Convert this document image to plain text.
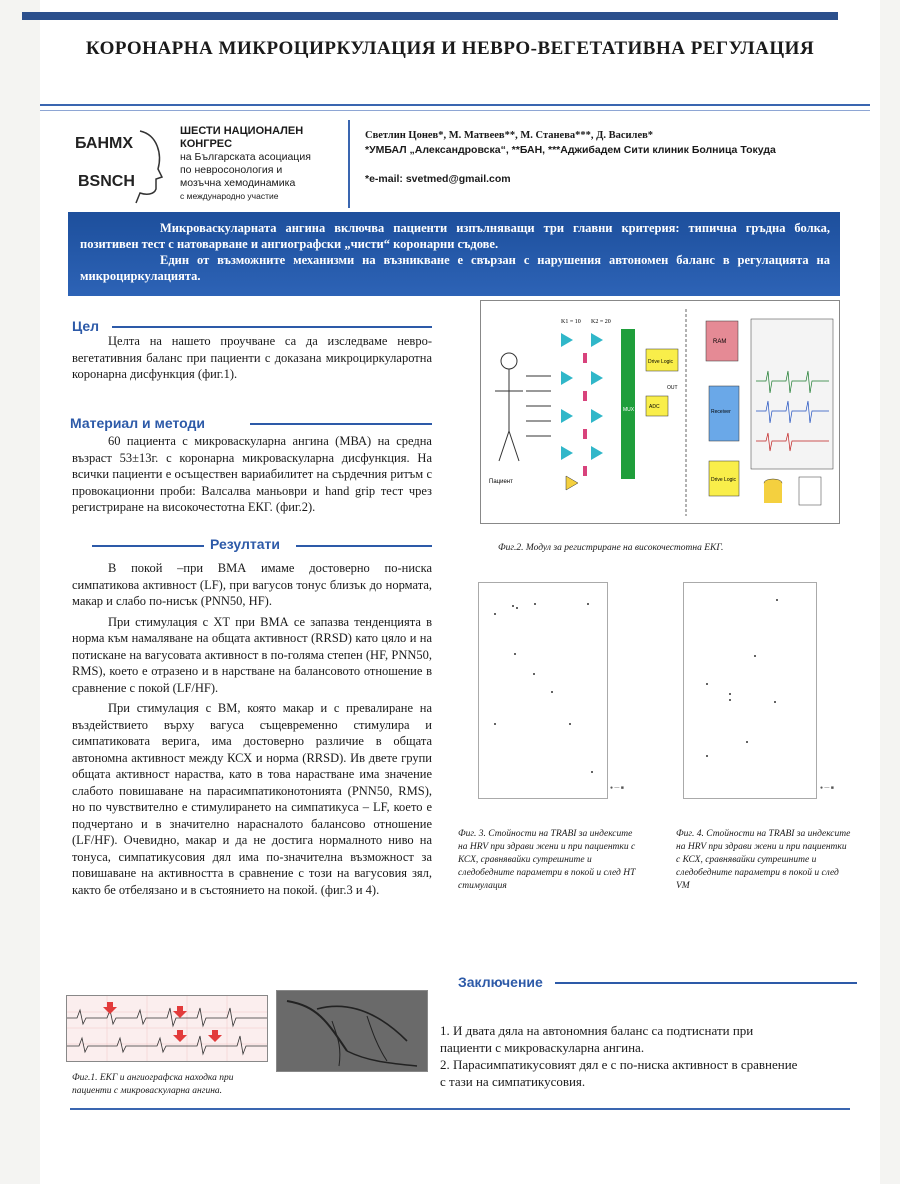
КОРОНАРНА МИКРОЦИРКУЛАЦИЯ И НЕВРО-ВЕГЕТАТИВНА РЕГУЛАЦИЯ
БАНМХ
BSNCH
ШЕСТИ НАЦИОНАЛЕН КОНГРЕС
на Българската асоциация
по невросонология и
мозъчна хемодинамика
с международно участие
Светлин Цонев*, М. Матвеев**, М. Станева***, Д. Василев*
*УМБАЛ „Александровска“, **БАН, ***Аджибадем Сити клиник Болница Токуда
*e-mail: svetmed@gmail.com

Микроваскуларната ангина включва пациенти изпълняващи три главни критерия: типична гръдна болка, позитивен тест с натоварване и ангиографски „чисти“ коронарни съдове.

Един от възможните механизми на възникване е свързан с нарушения автономен баланс в регулацията на микроциркулацията.

Цел

Целта на нашето проучване са да изследваме невро-вегетативния баланс при пациенти с доказана микроциркуларотна коронарна дисфункция (фиг.1).

Материал и методи

60 пациента с микроваскуларна ангина (МВА) на средна възраст 53±13г. с коронарна микроваскуларна дисфункция. На всички пациенти е осъществен вариабилитет на сърдечния ритъм с провокационни проби: Валсалва маньоври и hand grip тест чрез регистриране на високочестотна ЕКГ. (фиг.2).

Резултати

В покой –при ВМА имаме достоверно по-ниска симпатикова активност (LF), при вагусов тонус близък до нормата, макар и слабо по-нисък (PNN50, HF).

При стимулация с ХТ при ВМА се запазва тенденцията в норма към намаляване на общата активност (RRSD) като цяло и на потискане на вагусовата активност в по-голяма степен (HF, PNN50, RMS), което е отразено и в нарстване на балансовото отношение в сравнение с покой (LF/HF).

При стимулация с ВМ, която макар и с превалиране на въздействието върху вагуса същевременно стимулира и симпатиковата верига, има достоверно различие в общата автономна активност между КСХ и норма (RRSD). Ив двете групи общата активност нараства, като в това нарастване има значение слабото повишаване на парасимпатиконотонията (PNN50, RMS), но по чувствително е стимулирането на симпатикуса – LF, което е подчертано и в значително нарасналото балансово отношение (LF/HF). Очевидно, макар и да не достига нормалното ниво на тонуса, симпатикусовия дял има по-значителна възможност за повишаване на активността в сравнение с този на вагусовия зял, както бе отбелязано и в състоянието на покой. (фиг.3 и 4).

Фиг.1. ЕКГ и ангиографска находка при пациенти с микроваскуларна ангина.
MUX 8:1
Drive Logic
ADC
K1 = 10 K2 = 20
OUT
Пациент
RAM
Receiver
Drive Logic
Фиг.2. Модул за регистриране на високочестотна ЕКГ.
● — ■
Фиг. 3. Стойности на TRABI за индексите на HRV при здрави жени и при пациентки с КСХ, сравнявайки сутрешните и следобедните параметри в покой и след НТ стимулация
● — ■
Фиг. 4. Стойности на TRABI за индексите на HRV при здрави жени и при пациентки с КСХ, сравнявайки сутрешните и следобедните параметри в покой и след VM
Заключение

1. И двата дяла на автономния баланс са подтиснати при пациенти с микроваскуларна ангина.

2. Парасимпатикусовият дял е с по-ниска активност в сравнение с тази на симпатикусовия.
